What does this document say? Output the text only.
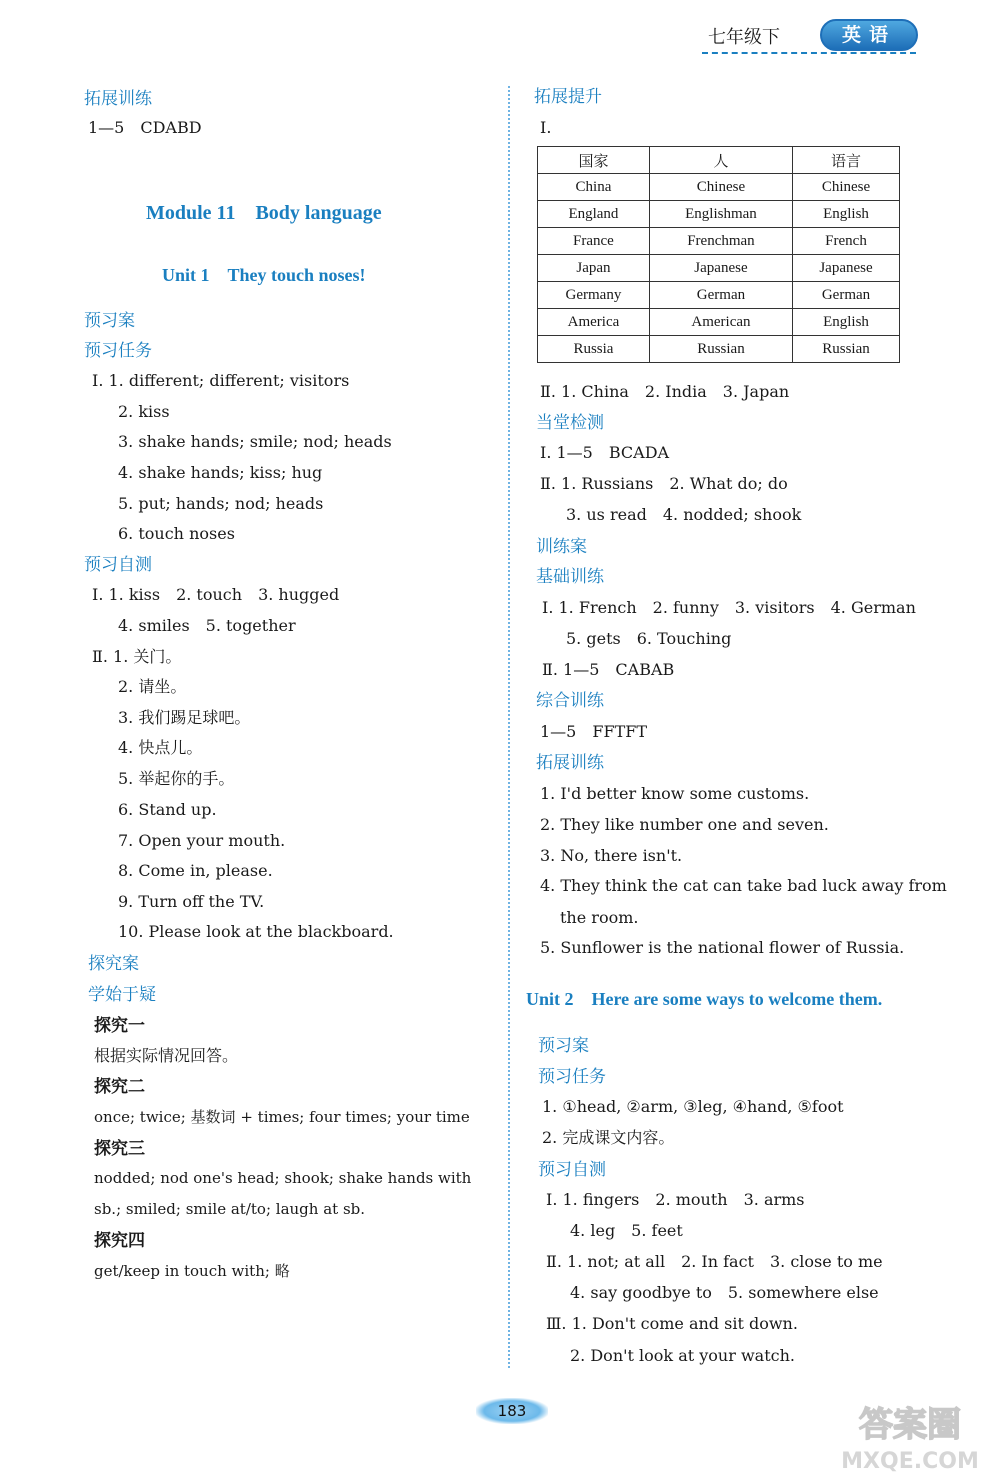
七年级下	英语
拓展训练
1—5　CDABD
Module 11　Body language
Unit 1　They touch noses!
预习案
预习任务
Ⅰ. 1. different; different; visitors
2. kiss
3. shake hands; smile; nod; heads
4. shake hands; kiss; hug
5. put; hands; nod; heads
6. touch noses
预习自测
Ⅰ. 1. kiss　2. touch　3. hugged
4. smiles　5. together
Ⅱ. 1. 关门。
2. 请坐。
3. 我们踢足球吧。
4. 快点儿。
5. 举起你的手。
6. Stand up.
7. Open your mouth.
8. Come in, please.
9. Turn off the TV.
10. Please look at the blackboard.
探究案
学始于疑
探究一
根据实际情况回答。
探究二
once; twice; 基数词 + times; four times; your time
探究三
nodded; nod one's head; shook; shake hands with
sb.; smiled; smile at/to; laugh at sb.
探究四
get/keep in touch with; 略
拓展提升
Ⅰ.
国家	人	语言
China	Chinese	Chinese
England	Englishman	English
France	Frenchman	French
Japan	Japanese	Japanese
Germany	German	German
America	American	English
Russia	Russian	Russian
Ⅱ. 1. China　2. India　3. Japan
当堂检测
Ⅰ. 1—5　BCADA
Ⅱ. 1. Russians　2. What do; do
3. us read　4. nodded; shook
训练案
基础训练
Ⅰ. 1. French　2. funny　3. visitors　4. German
5. gets　6. Touching
Ⅱ. 1—5　CABAB
综合训练
1—5　FFTFT
拓展训练
1. I'd better know some customs.
2. They like number one and seven.
3. No, there isn't.
4. They think the cat can take bad luck away from
the room.
5. Sunflower is the national flower of Russia.
Unit 2　Here are some ways to welcome them.
预习案
预习任务
1. ①head, ②arm, ③leg, ④hand, ⑤foot
2. 完成课文内容。
预习自测
Ⅰ. 1. fingers　2. mouth　3. arms
4. leg　5. feet
Ⅱ. 1. not; at all　2. In fact　3. close to me
4. say goodbye to　5. somewhere else
Ⅲ. 1. Don't come and sit down.
2. Don't look at your watch.
183	答案圈
MXQE.COM
